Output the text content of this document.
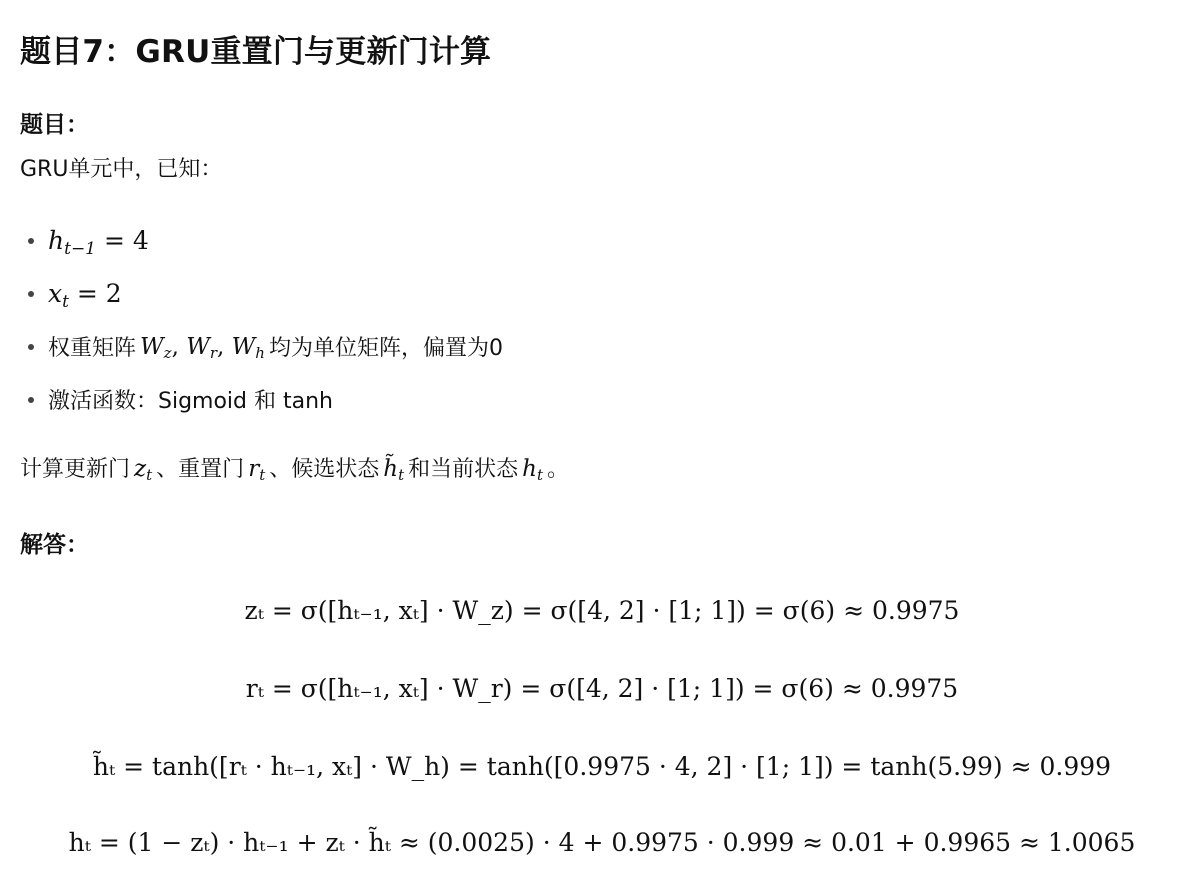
题目7：GRU重置门与更新门计算
题目：
GRU单元中，已知：
$h_{t-1} = 4$
$x_t = 2$
权重矩阵 $W_z$, $W_r$, $W_h$ 均为单位矩阵，偏置为0
激活函数：Sigmoid 和 tanh
计算更新门 $z_t$ 、重置门 $r_t$ 、候选状态 $h̃_t$ 和当前状态 $h_t$ 。
解答：

zₜ = σ([hₜ₋₁, xₜ] · W_z) = σ([4, 2] · [1; 1]) = σ(6) ≈ 0.9975

rₜ = σ([hₜ₋₁, xₜ] · W_r) = σ([4, 2] · [1; 1]) = σ(6) ≈ 0.9975

h̃ₜ = tanh([rₜ · hₜ₋₁, xₜ] · W_h) = tanh([0.9975 · 4, 2] · [1; 1]) = tanh(5.99) ≈ 0.999

hₜ = (1 − zₜ) · hₜ₋₁ + zₜ · h̃ₜ ≈ (0.0025) · 4 + 0.9975 · 0.999 ≈ 0.01 + 0.9965 ≈ 1.0065
